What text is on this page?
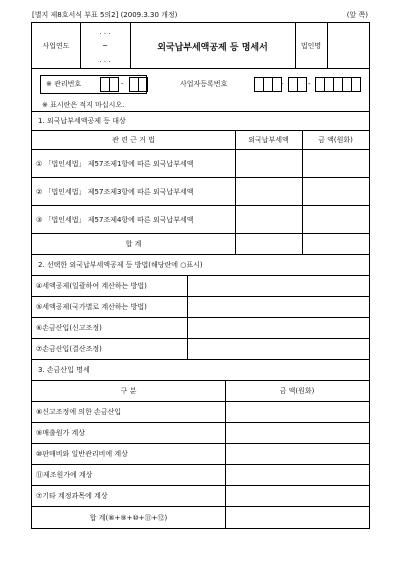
[별지 제8호서식 부표 5의2] (2009.3.30 개정)	(앞 쪽)
사업연도
. . .
~
. . .
외국납부세액공제 등 명세서	법인명
※ 관리번호	-	사업자등록번호	-	-
※ 표시란은 적지 마십시오.
1. 외국납부세액공제 등 대상
관 련 근 거 법	외국납부세액	금 액(원화)
① 「법인세법」 제57조제1항에 따른 외국납부세액
② 「법인세법」 제57조제3항에 따른 외국납부세액
③ 「법인세법」 제57조제4항에 따른 외국납부세액
합 계
2. 선택한 외국납부세액공제 등 방법(해당란에 ○표시)
④세액공제(일괄하여 계산하는 방법)
⑤세액공제(국가별로 계산하는 방법)
⑥손금산입(신고조정)
⑦손금산입(결산조정)
3. 손금산입 명세
구 분	금 액(원화)
⑧신고조정에 의한 손금산입
⑨매출원가 계상
⑩판매비와 일반관리비에 계상
⑪제조원가에 계상
⑦기타 계정과목에 계상
합 계(⑧+⑨+⑩+⑪+⑫)
